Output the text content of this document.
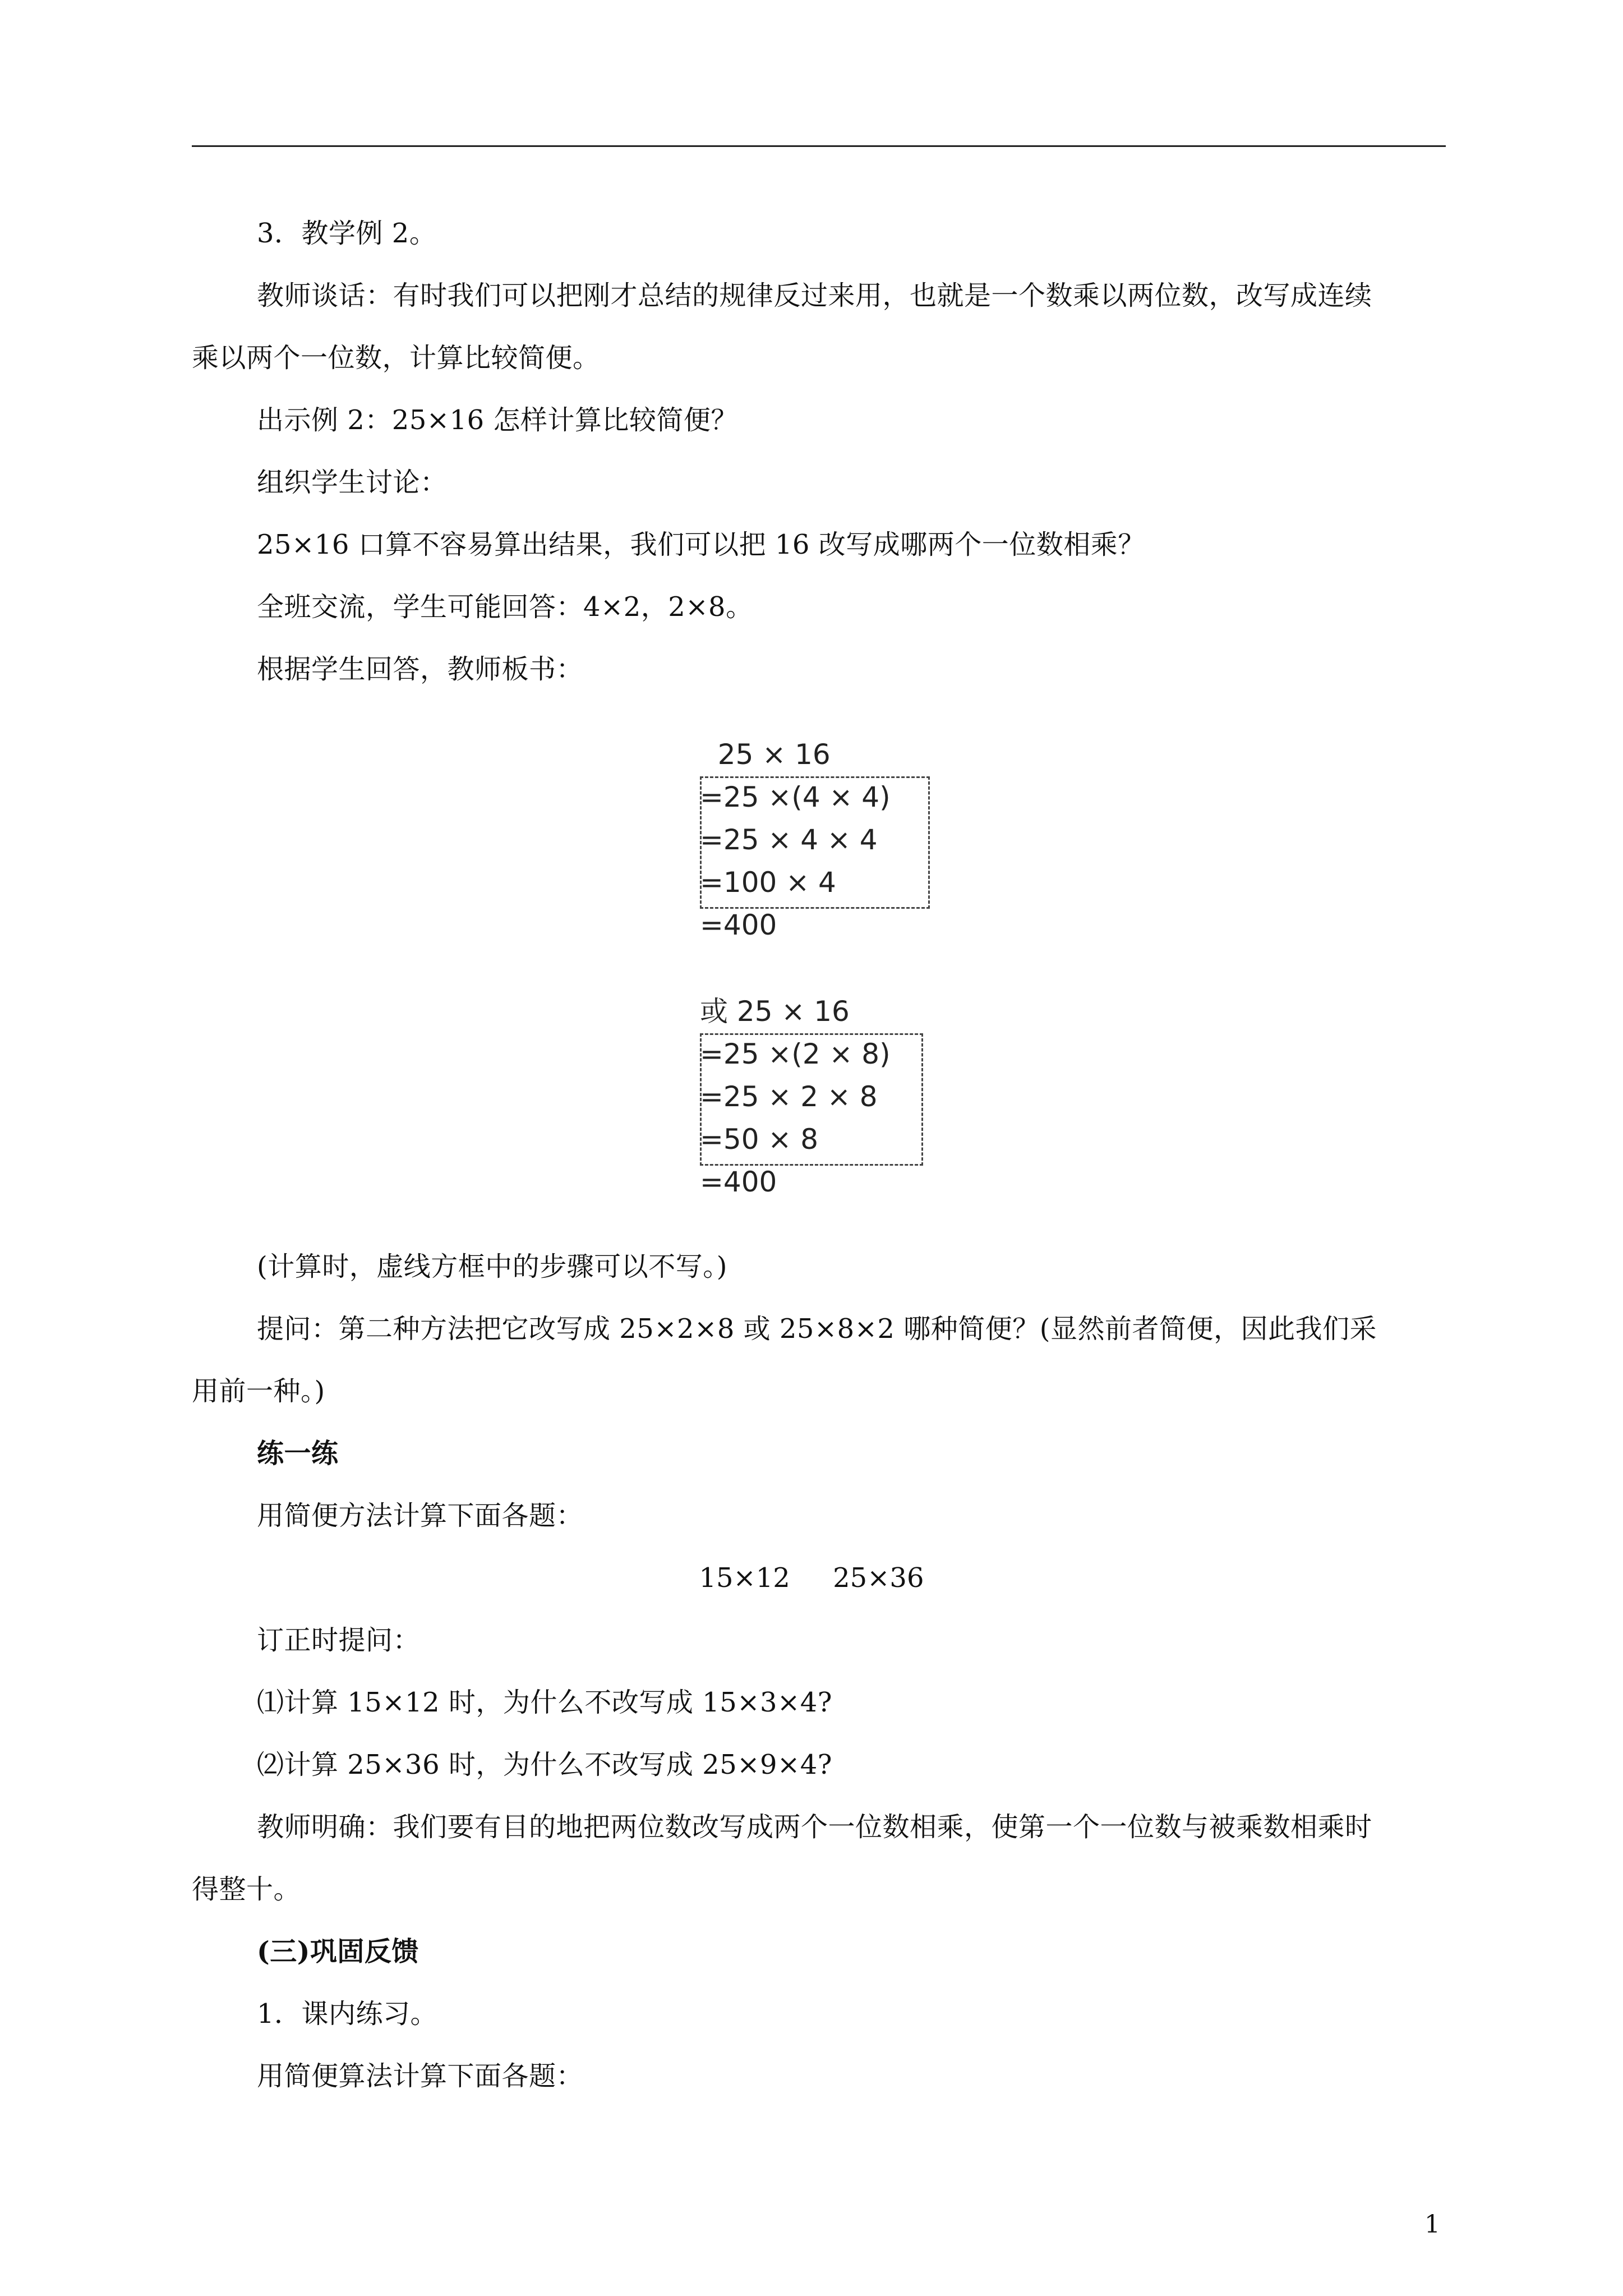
3．教学例 2。
教师谈话：有时我们可以把刚才总结的规律反过来用，也就是一个数乘以两位数，改写成连续
乘以两个一位数，计算比较简便。
出示例 2：25×16 怎样计算比较简便？
组织学生讨论：
25×16 口算不容易算出结果，我们可以把 16 改写成哪两个一位数相乘？
全班交流，学生可能回答：4×2，2×8。
根据学生回答，教师板书：
25 × 16
=25 ×(4 × 4)
=25 × 4 × 4
=100 × 4
=400
或 25 × 16
=25 ×(2 × 8)
=25 × 2 × 8
=50 × 8
=400
(计算时，虚线方框中的步骤可以不写。)
提问：第二种方法把它改写成 25×2×8 或 25×8×2 哪种简便？(显然前者简便，因此我们采
用前一种。)
练一练
用简便方法计算下面各题：
15×12     25×36
订正时提问：
⑴计算 15×12 时，为什么不改写成 15×3×4?
⑵计算 25×36 时，为什么不改写成 25×9×4?
教师明确：我们要有目的地把两位数改写成两个一位数相乘，使第一个一位数与被乘数相乘时
得整十。
(三)巩固反馈
1．课内练习。
用简便算法计算下面各题：
1
